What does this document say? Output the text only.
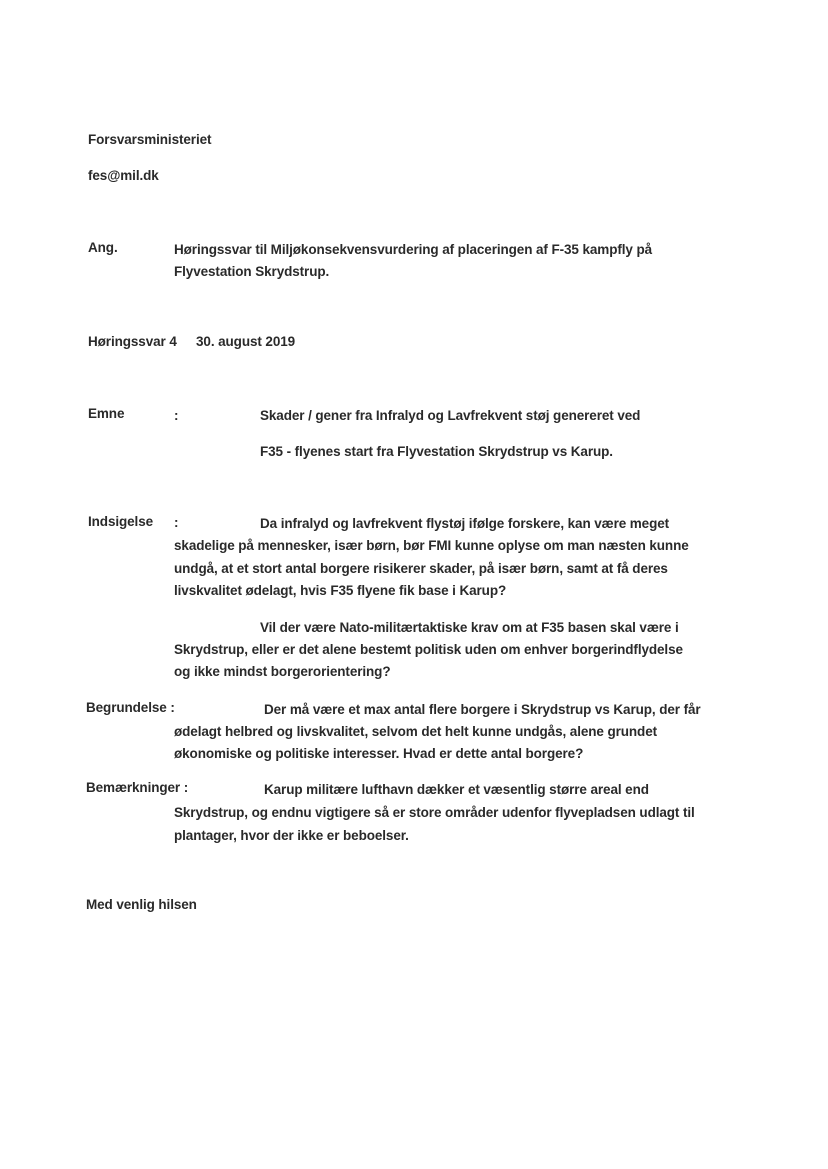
Forsvarsministeriet
fes@mil.dk
Ang.	Høringssvar til Miljøkonsekvensvurdering af placeringen af F-35 kampfly på
Flyvestation Skrydstrup.
Høringssvar 4 30. august 2019
Emne	:	Skader / gener fra Infralyd og Lavfrekvent støj genereret ved
F35 - flyenes start fra Flyvestation Skrydstrup vs Karup.
Indsigelse :	Da infralyd og lavfrekvent flystøj ifølge forskere, kan være meget
skadelige på mennesker, især børn, bør FMI kunne oplyse om man næsten kunne
undgå, at et stort antal borgere risikerer skader, på især børn, samt at få deres
livskvalitet ødelagt, hvis F35 flyene fik base i Karup?
Vil der være Nato-militærtaktiske krav om at F35 basen skal være i
Skrydstrup, eller er det alene bestemt politisk uden om enhver borgerindflydelse
og ikke mindst borgerorientering?
Begrundelse :	Der må være et max antal flere borgere i Skrydstrup vs Karup, der får
ødelagt helbred og livskvalitet, selvom det helt kunne undgås, alene grundet
økonomiske og politiske interesser. Hvad er dette antal borgere?
Bemærkninger :	Karup militære lufthavn dækker et væsentlig større areal end
Skrydstrup, og endnu vigtigere så er store områder udenfor flyvepladsen udlagt til
plantager, hvor der ikke er beboelser.
Med venlig hilsen
